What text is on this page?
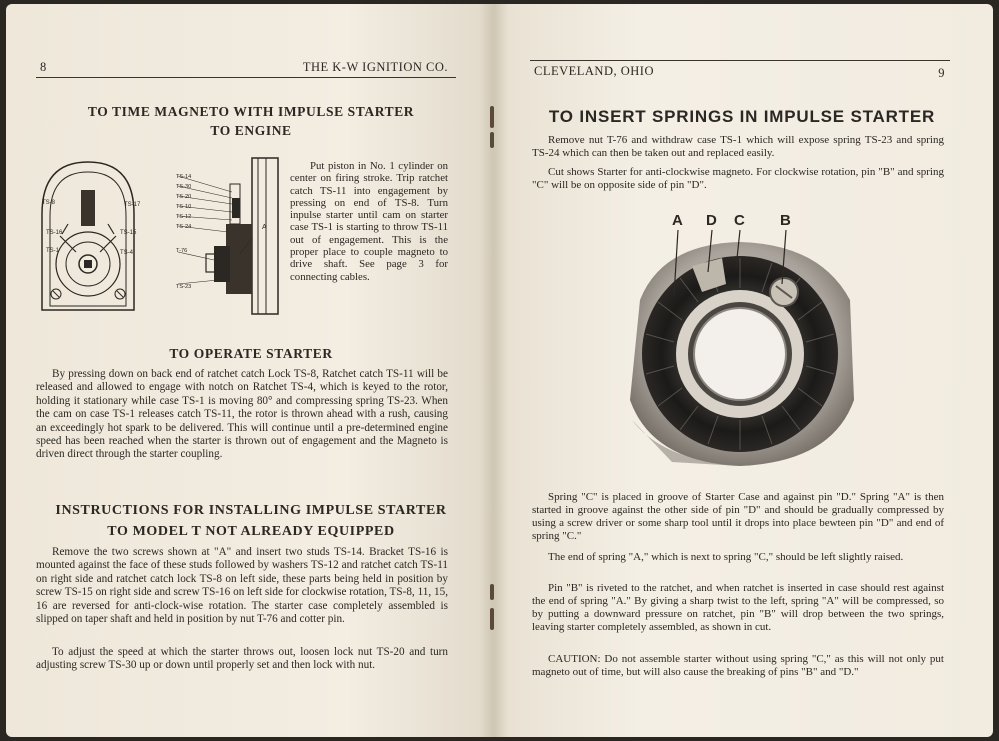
8	THE K-W IGNITION CO.
TO TIME MAGNETO WITH IMPULSE STARTER
TO ENGINE
TS-8	TS-17
TS-16	TS-15
TS-1	TS-4
TS-14
TS-30
TS-20
TS-10
TS-12
TS-24
T-76
TS-23
A

Put piston in No. 1 cylinder on center on firing stroke. Trip ratchet catch TS-11 into engagement by pressing on end of TS-8. Turn inpulse starter until cam on starter case TS-1 is starting to throw TS-11 out of engagement. This is the proper place to couple magneto to drive shaft. See page 3 for connecting cables.

TO OPERATE STARTER

By pressing down on back end of ratchet catch Lock TS-8, Ratchet catch TS-11 will be released and allowed to engage with notch on Ratchet TS-4, which is keyed to the rotor, holding it stationary while case TS-1 is moving 80° and compressing spring TS-23. When the cam on case TS-1 releases catch TS-11, the rotor is thrown ahead with a rush, causing an exceedingly hot spark to be delivered. This will continue until a pre-determined engine speed has been reached when the starter is thrown out of engagement and the Magneto is driven direct through the starter coupling.

INSTRUCTIONS FOR INSTALLING IMPULSE STARTER
TO MODEL T NOT ALREADY EQUIPPED

Remove the two screws shown at "A" and insert two studs TS-14. Bracket TS-16 is mounted against the face of these studs followed by washers TS-12 and ratchet catch TS-11 on right side and ratchet catch lock TS-8 on left side, these parts being held in position by screw TS-15 on right side and screw TS-16 on left side for clockwise rotation, TS-8, 11, 15, 16 are reversed for anti-clock-wise rotation. The starter case completely assembled is slipped on taper shaft and held in position by nut T-76 and cotter pin.

To adjust the speed at which the starter throws out, loosen lock nut TS-20 and turn adjusting screw TS-30 up or down until properly set and then lock with nut.

CLEVELAND, OHIO	9
TO INSERT SPRINGS IN IMPULSE STARTER

Remove nut T-76 and withdraw case TS-1 which will expose spring TS-23 and spring TS-24 which can then be taken out and replaced easily.

Cut shows Starter for anti-clockwise magneto. For clockwise rotation, pin "B" and spring "C" will be on opposite side of pin "D".

A D C B

Spring "C" is placed in groove of Starter Case and against pin "D." Spring "A" is then started in groove against the other side of pin "D" and should be gradually compressed by using a screw driver or some sharp tool until it drops into place bewteen pin "D" and end of spring "C."

The end of spring "A," which is next to spring "C," should be left slightly raised.

Pin "B" is riveted to the ratchet, and when ratchet is inserted in case should rest against the end of spring "A." By giving a sharp twist to the left, spring "A" will be compressed, so by putting a downward pressure on ratchet, pin "B" will drop between the two springs, leaving starter completely assembled, as shown in cut.

CAUTION: Do not assemble starter without using spring "C," as this will not only put magneto out of time, but will also cause the breaking of pins "B" and "D."
